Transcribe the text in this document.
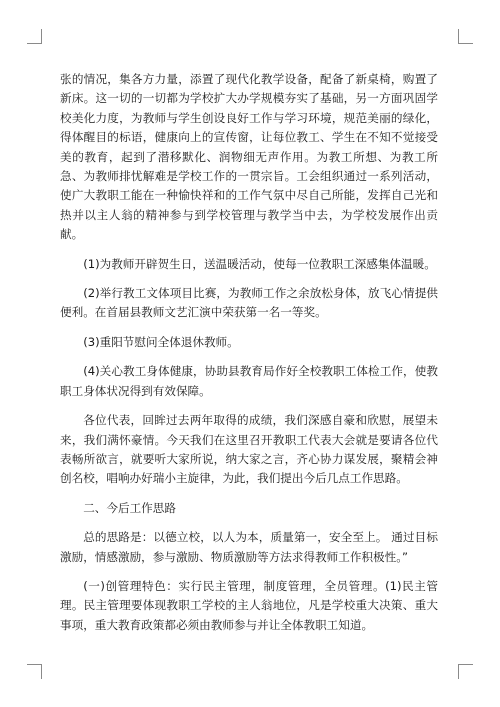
张的情况，集各方力量，添置了现代化教学设备，配备了新桌椅，购置了新床。这一切的一切都为学校扩大办学规模夯实了基础，另一方面巩固学校美化力度，为教师与学生创设良好工作与学习环境，规范美丽的绿化，得体醒目的标语，健康向上的宣传窗，让每位教工、学生在不知不觉接受美的教育，起到了潜移默化、润物细无声作用。为教工所想、为教工所急、为教师排忧解难是学校工作的一贯宗旨。工会组织通过一系列活动，使广大教职工能在一种愉快祥和的工作气氛中尽自己所能，发挥自己光和热并以主人翁的精神参与到学校管理与教学当中去，为学校发展作出贡献。

(1)为教师开辟贺生日，送温暖活动，使每一位教职工深感集体温暖。

(2)举行教工文体项目比赛，为教师工作之余放松身体，放飞心情提供便利。在首届县教师文艺汇演中荣获第一名一等奖。

(3)重阳节慰问全体退休教师。

(4)关心教工身体健康，协助县教育局作好全校教职工体检工作，使教职工身体状况得到有效保障。

各位代表，回眸过去两年取得的成绩，我们深感自豪和欣慰，展望未来，我们满怀豪情。今天我们在这里召开教职工代表大会就是要请各位代表畅所欲言，就要听大家所说，纳大家之言，齐心协力谋发展，聚精会神创名校，唱响办好瑞小主旋律，为此，我们提出今后几点工作思路。

二、今后工作思路

总的思路是：以德立校，以人为本，质量第一，安全至上。 通过目标激励，情感激励，参与激励、物质激励等方法求得教师工作积极性。”

(一)创管理特色：实行民主管理，制度管理，全员管理。(1)民主管理。民主管理要体现教职工学校的主人翁地位，凡是学校重大决策、重大事项，重大教育政策都必须由教师参与并让全体教职工知道。
